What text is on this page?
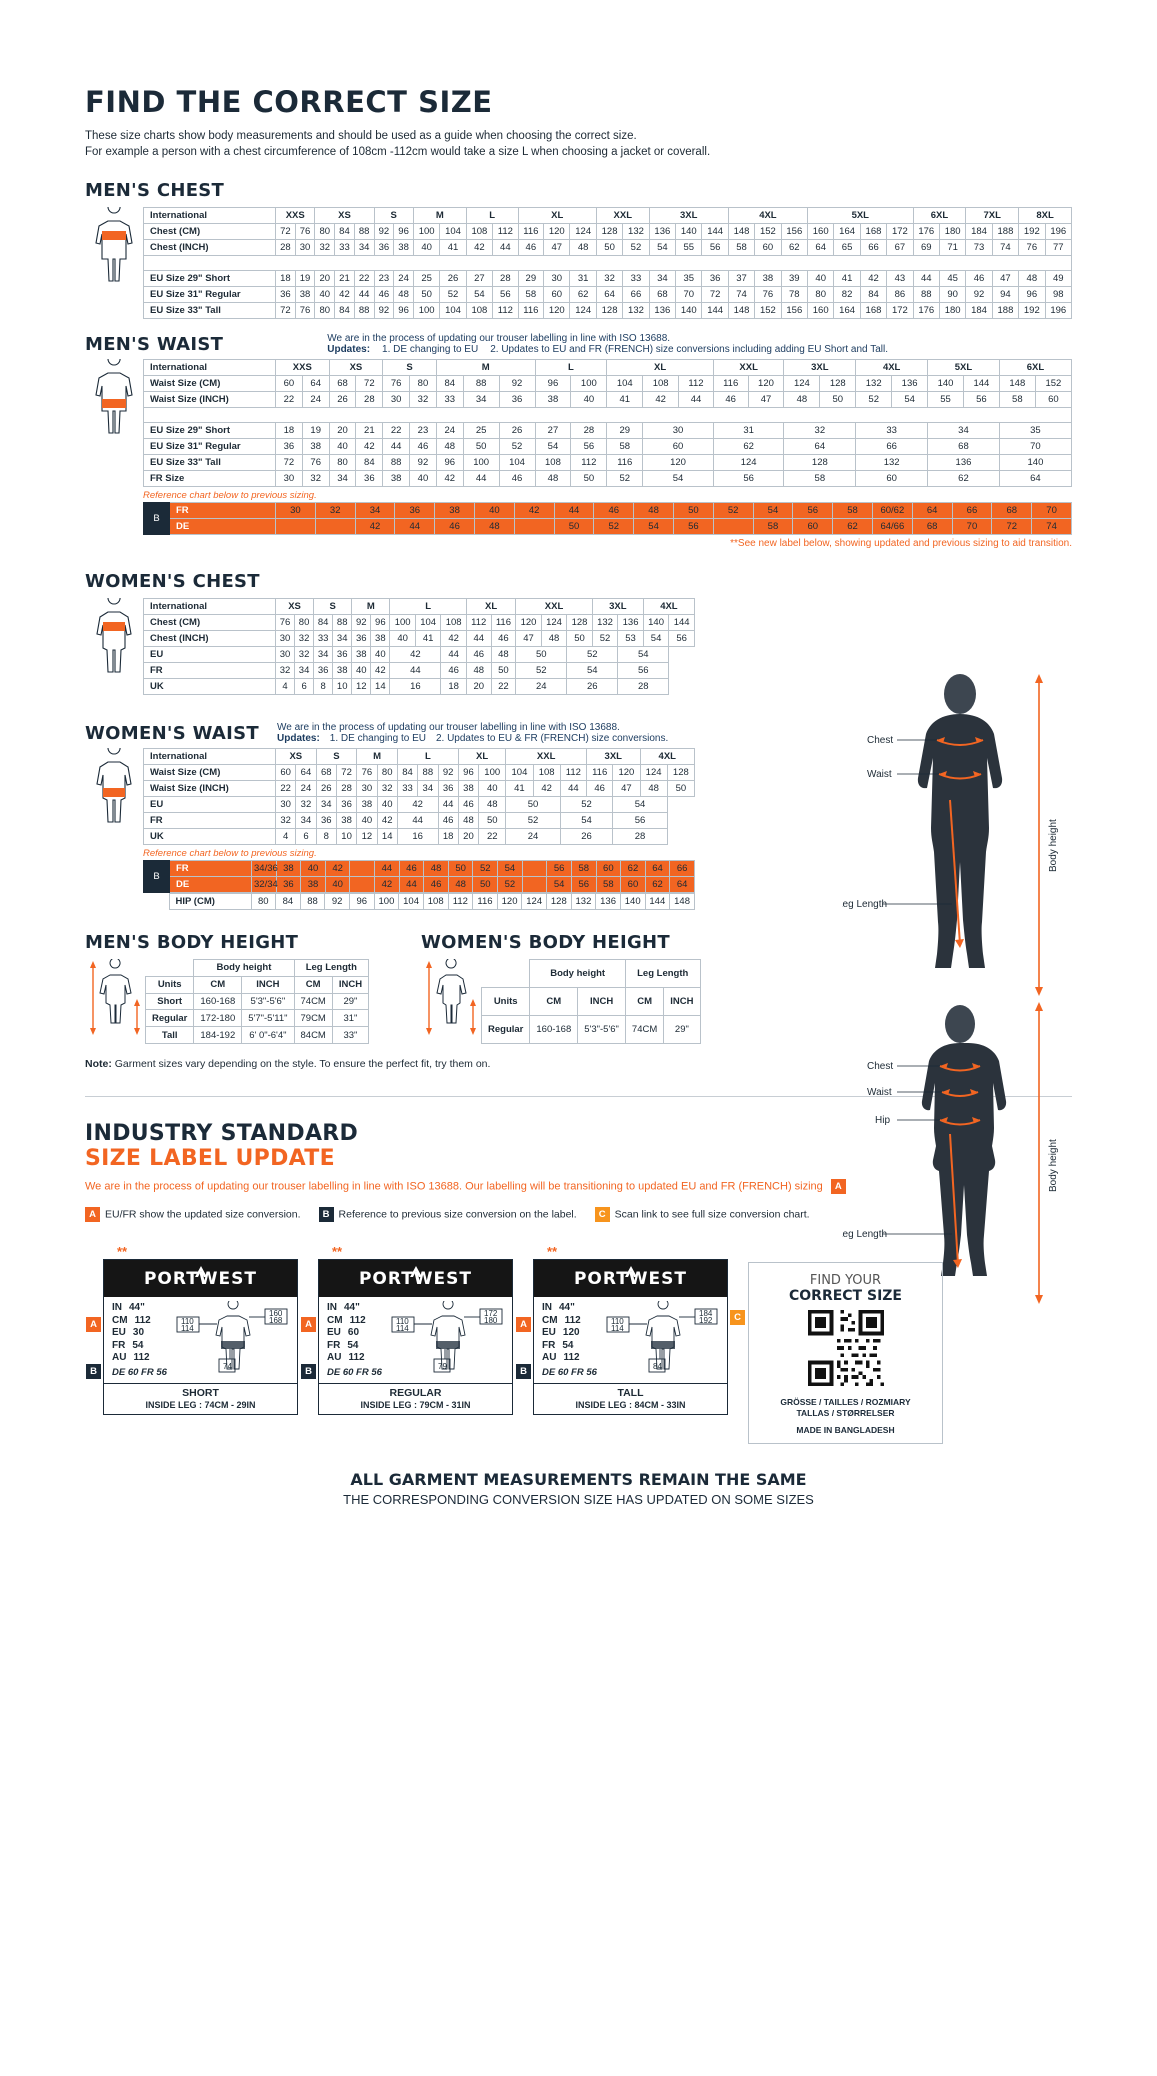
FIND THE CORRECT SIZE
These size charts show body measurements and should be used as a guide when choosing the correct size.
For example a person with a chest circumference of 108cm -112cm would take a size L when choosing a jacket or coverall.
MEN'S CHEST
International	XXS		XS			S		M		L		XL			XXL		3XL			4XL			5XL				6XL		7XL		8XL	
Chest (CM)	72	76	80	84	88	92	96	100	104	108	112	116	120	124	128	132	136	140	144	148	152	156	160	164	168	172	176	180	184	188	192	196
Chest (INCH)	28	30	32	33	34	36	38	40	41	42	44	46	47	48	50	52	54	55	56	58	60	62	64	65	66	67	69	71	73	74	76	77

EU Size 29" Short	18	19	20	21	22	23	24	25	26	27	28	29	30	31	32	33	34	35	36	37	38	39	40	41	42	43	44	45	46	47	48	49
EU Size 31" Regular	36	38	40	42	44	46	48	50	52	54	56	58	60	62	64	66	68	70	72	74	76	78	80	82	84	86	88	90	92	94	96	98
EU Size 33" Tall	72	76	80	84	88	92	96	100	104	108	112	116	120	124	128	132	136	140	144	148	152	156	160	164	168	172	176	180	184	188	192	196
MEN'S WAIST	We are in the process of updating our trouser labelling in line with ISO 13688.
Updates: 1. DE changing to EU 2. Updates to EU and FR (FRENCH) size conversions including adding EU Short and Tall.
International	XXS		XS		S		M			L		XL			XXL		3XL		4XL		5XL		6XL	
Waist Size (CM)	60	64	68	72	76	80	84	88	92	96	100	104	108	112	116	120	124	128	132	136	140	144	148	152
Waist Size (INCH)	22	24	26	28	30	32	33	34	36	38	40	41	42	44	46	47	48	50	52	54	55	56	58	60

EU Size 29" Short	18	19	20	21	22	23	24	25	26	27	28	29	30		31		32		33		34		35	
EU Size 31" Regular	36	38	40	42	44	46	48	50	52	54	56	58	60		62		64		66		68		70	
EU Size 33" Tall	72	76	80	84	88	92	96	100	104	108	112	116	120		124		128		132		136		140	
FR Size	30	32	34	36	38	40	42	44	46	48	50	52	54		56		58		60		62		64	
Reference chart below to previous sizing.
B	FR	30	32	34	36	38	40	42	44	46	48	50	52	54	56	58	60/62	64	66	68	70
	DE			42	44	46	48		50	52	54	56		58	60	62	64/66	68	70	72	74
**See new label below, showing updated and previous sizing to aid transition.
Chest
Waist
Leg Length
Body height
Chest
Waist
Hip
Leg Length
Body height
WOMEN'S CHEST
International	XS		S		M		L			XL		XXL			3XL		4XL	
Chest (CM)	76	80	84	88	92	96	100	104	108	112	116	120	124	128	132	136	140	144
Chest (INCH)	30	32	33	34	36	38	40	41	42	44	46	47	48	50	52	53	54	56
EU	30	32	34	36	38	40	42		44	46	48	50		52		54		
FR	32	34	36	38	40	42	44		46	48	50	52		54		56		
UK	4	6	8	10	12	14	16		18	20	22	24		26		28		
WOMEN'S WAIST We are in the process of updating our trouser labelling in line with ISO 13688.
Updates: 1. DE changing to EU 2. Updates to EU & FR (FRENCH) size conversions.
International	XS		S		M		L			XL		XXL			3XL		4XL	
Waist Size (CM)	60	64	68	72	76	80	84	88	92	96	100	104	108	112	116	120	124	128
Waist Size (INCH)	22	24	26	28	30	32	33	34	36	38	40	41	42	44	46	47	48	50
EU	30	32	34	36	38	40	42		44	46	48	50		52		54		
FR	32	34	36	38	40	42	44		46	48	50	52		54		56		
UK	4	6	8	10	12	14	16		18	20	22	24		26		28		
Reference chart below to previous sizing.
B	FR	34/36	38	40	42		44	46	48	50	52	54		56	58	60	62	64	66
	DE	32/34	36	38	40		42	44	46	48	50	52		54	56	58	60	62	64
	HIP (CM)	80	84	88	92	96	100	104	108	112	116	120	124	128	132	136	140	144	148
MEN'S BODY HEIGHT
	Body height		Leg Length	
Units	CM	INCH	CM	INCH
Short	160-168	5'3"-5'6"	74CM	29"
Regular	172-180	5'7"-5'11"	79CM	31"
Tall	184-192	6' 0"-6'4"	84CM	33"
WOMEN'S BODY HEIGHT
	Body height		Leg Length	
Units	CM	INCH	CM	INCH
Regular	160-168	5'3"-5'6"	74CM	29"
Note: Garment sizes vary depending on the style. To ensure the perfect fit, try them on.
INDUSTRY STANDARD
SIZE LABEL UPDATE
We are in the process of updating our trouser labelling in line with ISO 13688. Our labelling will be transitioning to updated EU and FR (FRENCH) sizing A
A EU/FR show the updated size conversion.	B Reference to previous size conversion on the label.	C Scan link to see full size conversion chart.
**
PORTWEST
A
B
IN 44"
CM 112
EU 30
FR 54
AU 112
110
114
160
168
74
DE 60 FR 56
SHORT
INSIDE LEG : 74CM - 29IN
**
PORTWEST
A
B
IN 44"
CM 112
EU 60
FR 54
AU 112
110
114
172
180
79
DE 60 FR 56
REGULAR
INSIDE LEG : 79CM - 31IN
**
PORTWEST
A
B
IN 44"
CM 112
EU 120
FR 54
AU 112
110
114
184
192
84
DE 60 FR 56
TALL
INSIDE LEG : 84CM - 33IN
C
FIND YOUR
CORRECT SIZE
GRÖSSE / TAILLES / ROZMIARY
TALLAS / STØRRELSER
MADE IN BANGLADESH
ALL GARMENT MEASUREMENTS REMAIN THE SAME
THE CORRESPONDING CONVERSION SIZE HAS UPDATED ON SOME SIZES
